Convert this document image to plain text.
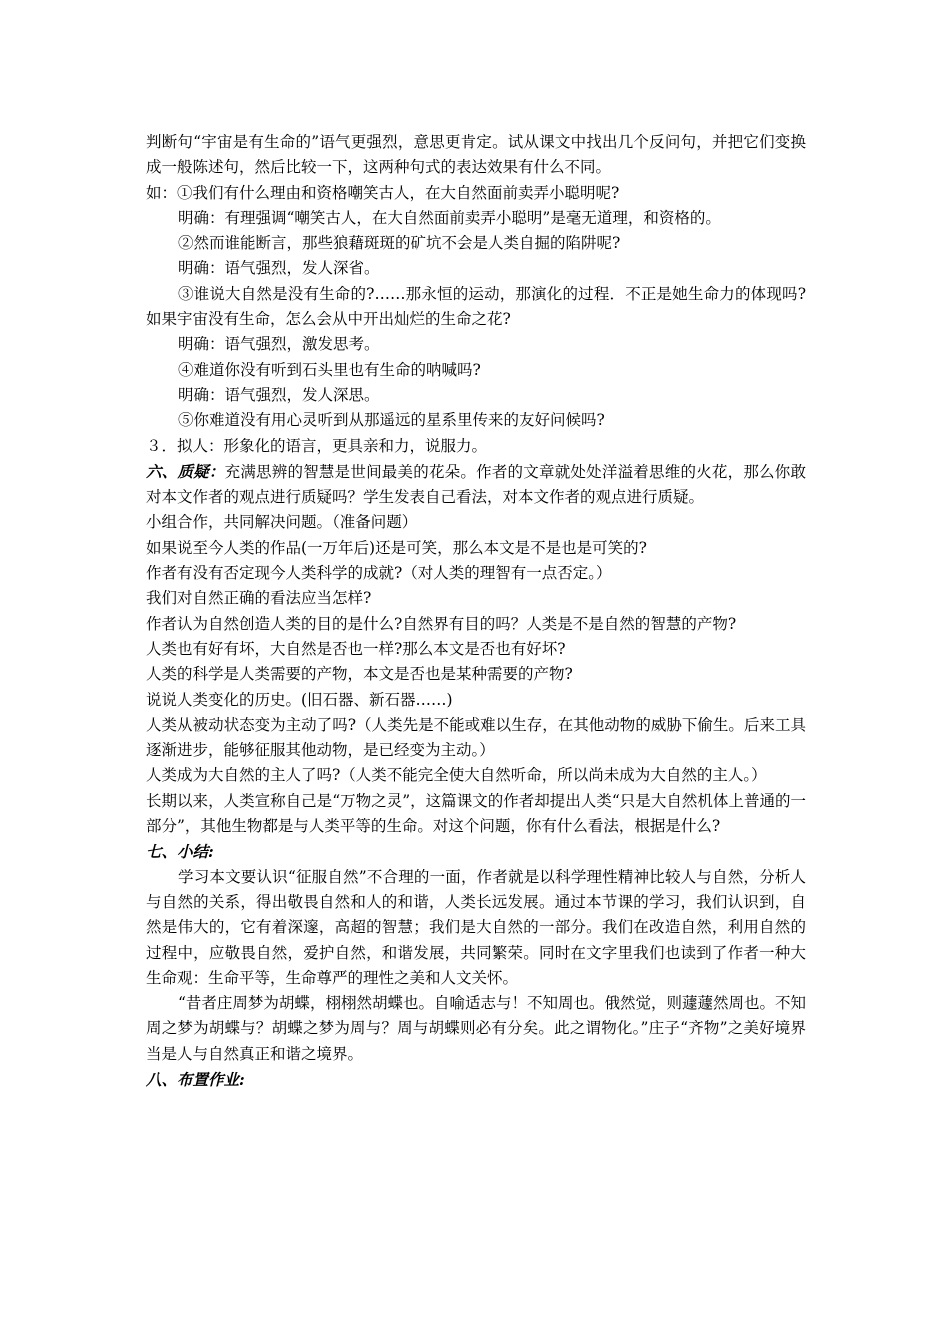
判断句“宇宙是有生命的”语气更强烈，意思更肯定。试从课文中找出几个反问句，并把它们变换成一般陈述句，然后比较一下，这两种句式的表达效果有什么不同。

如：①我们有什么理由和资格嘲笑古人，在大自然面前卖弄小聪明呢?

明确：有理强调“嘲笑古人，在大自然面前卖弄小聪明”是毫无道理，和资格的。

②然而谁能断言，那些狼藉斑斑的矿坑不会是人类自掘的陷阱呢?

明确：语气强烈，发人深省。

③谁说大自然是没有生命的?……那永恒的运动，那演化的过程．不正是她生命力的体现吗?如果宇宙没有生命，怎么会从中开出灿烂的生命之花?

明确：语气强烈，激发思考。

④难道你没有听到石头里也有生命的呐喊吗?

明确：语气强烈，发人深思。

⑤你难道没有用心灵听到从那遥远的星系里传来的友好问候吗?

３．拟人：形象化的语言，更具亲和力，说服力。

六、质疑：充满思辨的智慧是世间最美的花朵。作者的文章就处处洋溢着思维的火花，那么你敢对本文作者的观点进行质疑吗？学生发表自己看法，对本文作者的观点进行质疑。

小组合作，共同解决问题。（准备问题）

如果说至今人类的作品(一万年后)还是可笑，那么本文是不是也是可笑的?

作者有没有否定现今人类科学的成就?（对人类的理智有一点否定。）

我们对自然正确的看法应当怎样?

作者认为自然创造人类的目的是什么?自然界有目的吗？人类是不是自然的智慧的产物?

人类也有好有坏，大自然是否也一样?那么本文是否也有好坏?

人类的科学是人类需要的产物，本文是否也是某种需要的产物?

说说人类变化的历史。(旧石器、新石器……)

人类从被动状态变为主动了吗?（人类先是不能或难以生存，在其他动物的威胁下偷生。后来工具逐渐进步，能够征服其他动物，是已经变为主动。）

人类成为大自然的主人了吗?（人类不能完全使大自然听命，所以尚未成为大自然的主人。）

长期以来，人类宣称自己是“万物之灵”，这篇课文的作者却提出人类“只是大自然机体上普通的一部分”，其他生物都是与人类平等的生命。对这个问题，你有什么看法，根据是什么?

七、小结:

学习本文要认识“征服自然”不合理的一面，作者就是以科学理性精神比较人与自然，分析人与自然的关系，得出敬畏自然和人的和谐，人类长远发展。通过本节课的学习，我们认识到，自然是伟大的，它有着深邃，高超的智慧；我们是大自然的一部分。我们在改造自然，利用自然的过程中，应敬畏自然，爱护自然，和谐发展，共同繁荣。同时在文字里我们也读到了作者一种大生命观：生命平等，生命尊严的理性之美和人文关怀。

“昔者庄周梦为胡蝶，栩栩然胡蝶也。自喻适志与！不知周也。俄然觉，则蘧蘧然周也。不知周之梦为胡蝶与？胡蝶之梦为周与？周与胡蝶则必有分矣。此之谓物化。”庄子“齐物”之美好境界当是人与自然真正和谐之境界。

八、布置作业:
